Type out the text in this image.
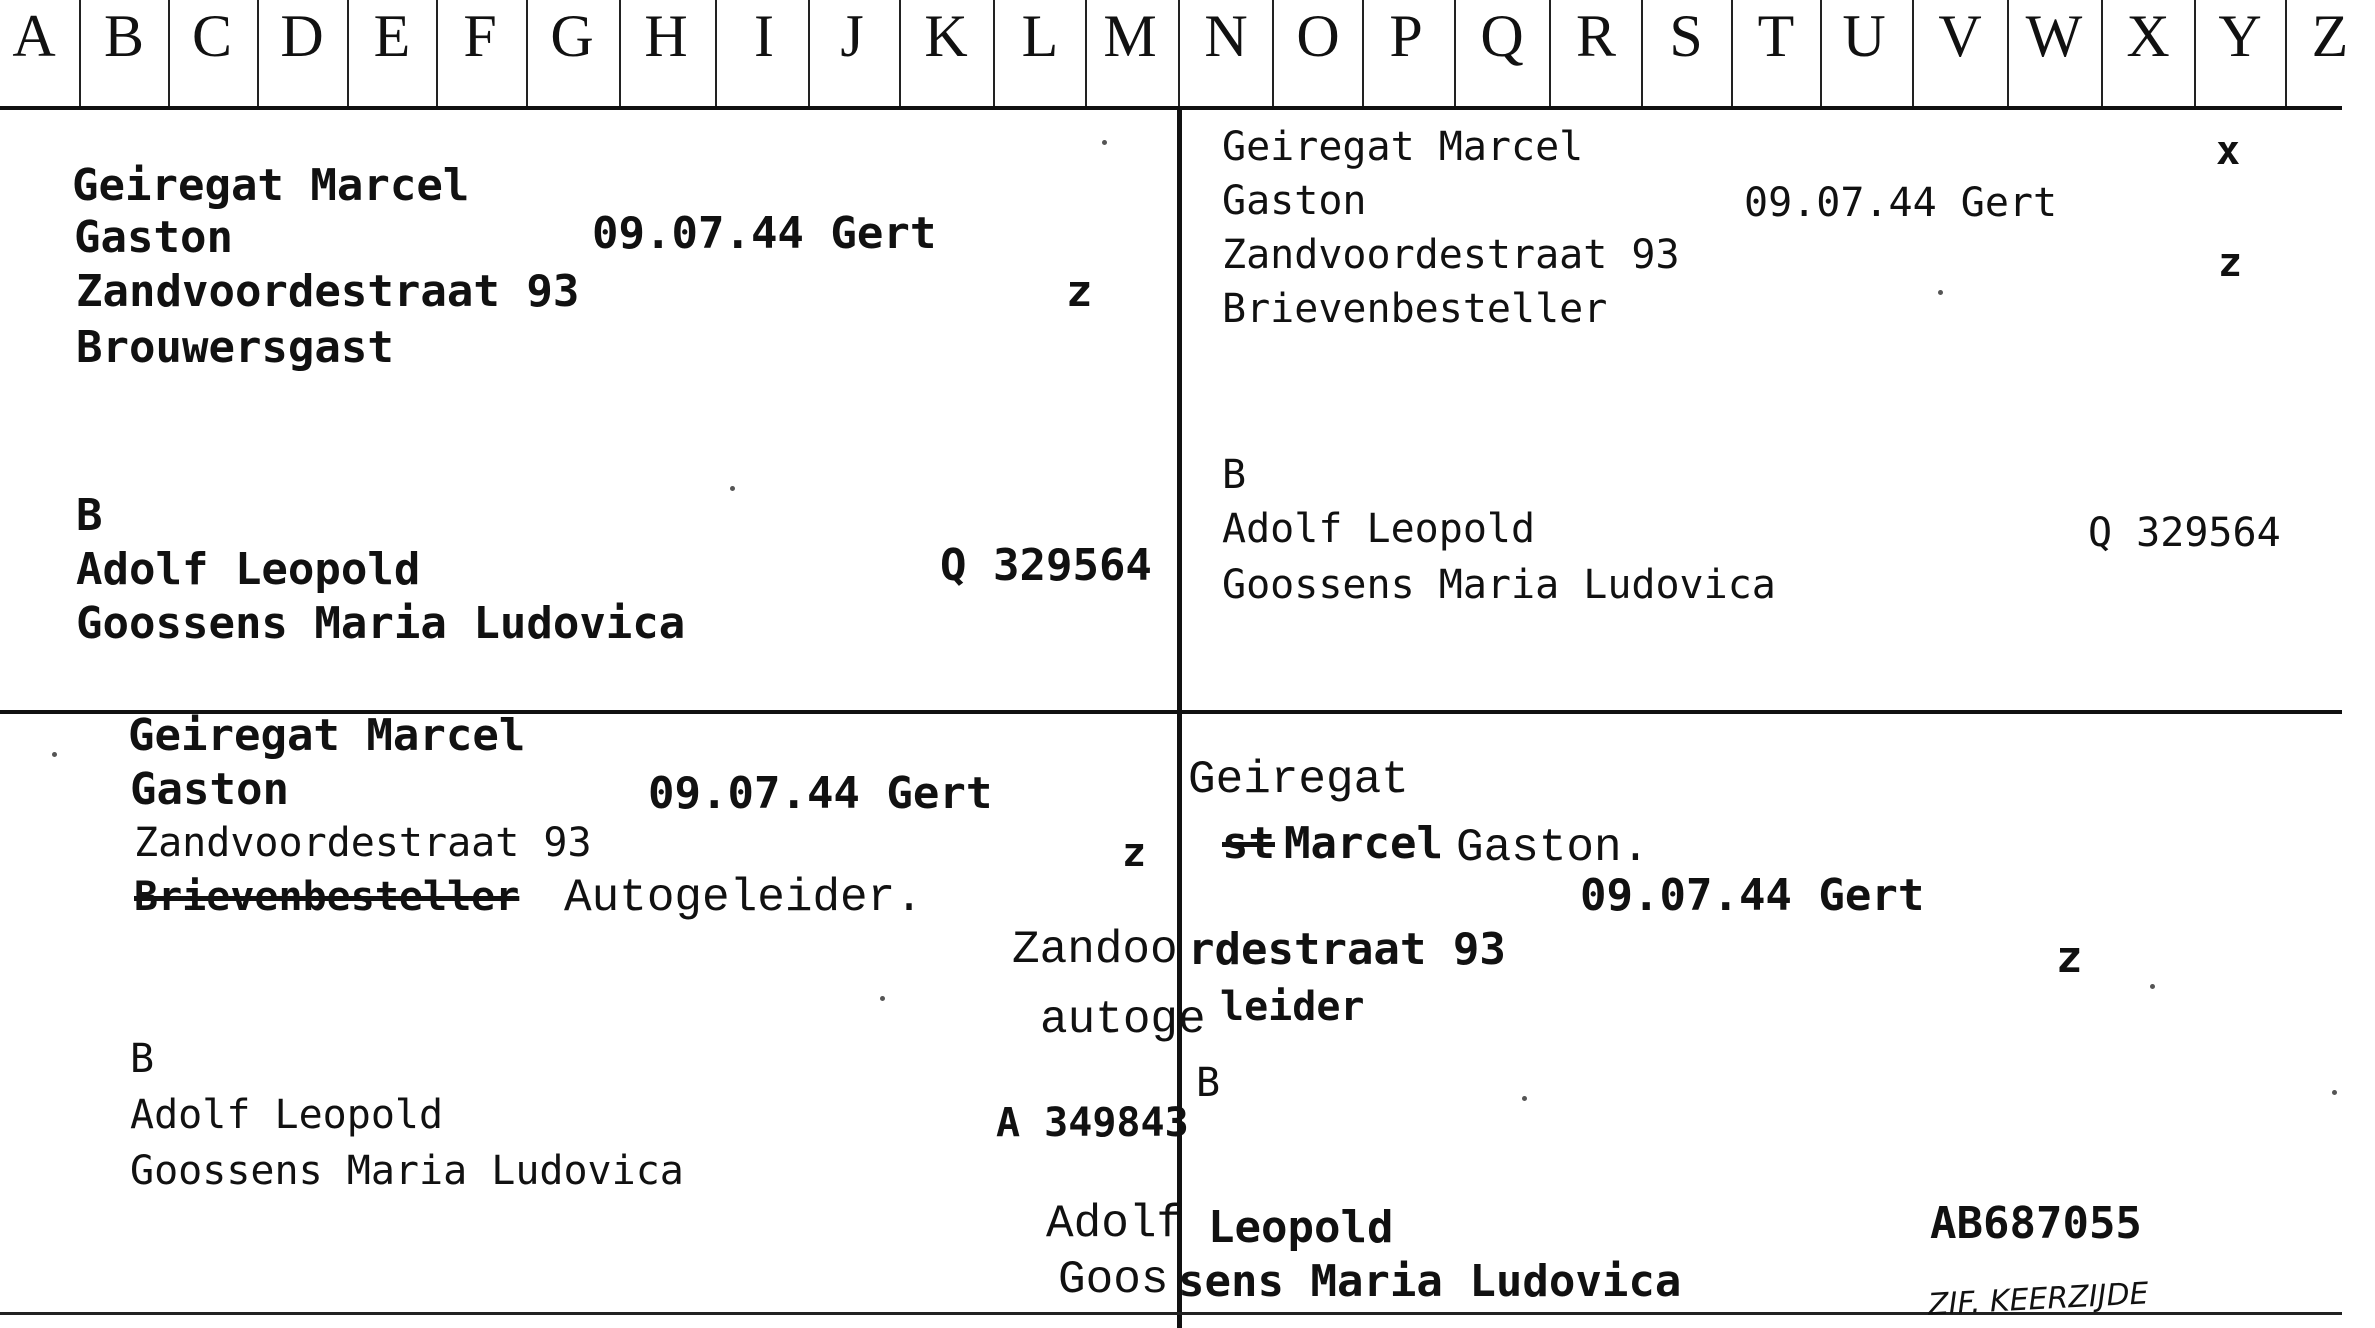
A B C D E F G H	I	J	K L M N O P Q R S T U V W X Y Z
Geiregat Marcel
Gaston	09.07.44 Gert
Zandvoordestraat 93	z
Brouwersgast
B
Adolf Leopold	Q 329564
Goossens Maria Ludovica
Geiregat Marcel	x
Gaston	09.07.44 Gert
Zandvoordestraat 93	z
Brievenbesteller
B
Adolf Leopold	Q 329564
Goossens Maria Ludovica
Geiregat Marcel
Gaston	09.07.44 Gert
Zandvoordestraat 93	z
Brievenbesteller Autogeleider.
B
Adolf Leopold	A 349843
Goossens Maria Ludovica
Geiregat
st Marcel Gaston.
09.07.44 Gert
Zandoo rdestraat 93	z
autoge leider
B
Adolf Leopold	AB687055
Goos sens Maria Ludovica	ZIF. KEERZIJDE
